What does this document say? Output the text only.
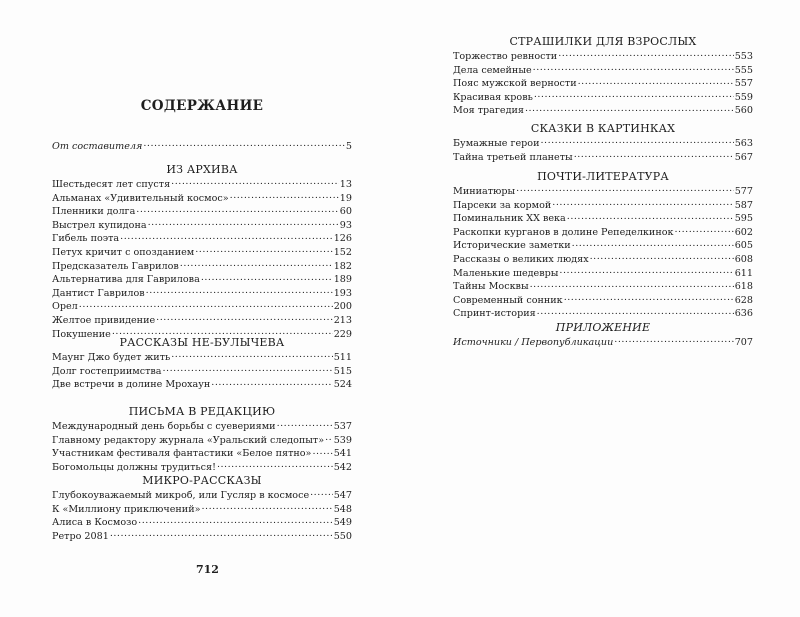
СОДЕРЖАНИЕ
От составителя .....	5
ИЗ АРХИВА
Шестьдесят лет спустя .....	13
Альманах «Удивительный космос» .....	19
Пленники долга .....	60
Выстрел купидона .....	93
Гибель поэта .....	126
Петух кричит с опозданием .....	152
Предсказатель Гаврилов .....	182
Альтернатива для Гаврилова .....	189
Дантист Гаврилов .....	193
Орел .....	200
Желтое привидение .....	213
Покушение .....	229
РАССКАЗЫ НЕ-БУЛЫЧЕВА
Маунг Джо будет жить .....	511
Долг гостеприимства .....	515
Две встречи в долине Мрохаун .....	524
ПИСЬМА В РЕДАКЦИЮ
Международный день борьбы с суевериями .....	537
Главному редактору журнала «Уральский следопыт» ..... 539
Участникам фестиваля фантастики «Белое пятно» ..... 541
Богомольцы должны трудиться! .....	542
МИКРО-РАССКАЗЫ
Глубокоуважаемый микроб, или Гусляр в космосе .....	547
К «Миллиону приключений» .....	548
Алиса в Космозо .....	549
Ретро 2081 .....	550
712
СТРАШИЛКИ ДЛЯ ВЗРОСЛЫХ
Торжество ревности .....	553
Дела семейные .....	555
Пояс мужской верности .....	557
Красивая кровь .....	559
Моя трагедия .....	560
СКАЗКИ В КАРТИНКАХ
Бумажные герои .....	563
Тайна третьей планеты .....	567
ПОЧТИ-ЛИТЕРАТУРА
Миниатюры .....	577
Парсеки за кормой .....	587
Поминальник XX века .....	595
Раскопки курганов в долине Репеделкинок .....	602
Исторические заметки .....	605
Рассказы о великих людях .....	608
Маленькие шедевры .....	611
Тайны Москвы .....	618
Современный сонник .....	628
Спринт-история .....	636
ПРИЛОЖЕНИЕ
Источники / Первопубликации .....	707
